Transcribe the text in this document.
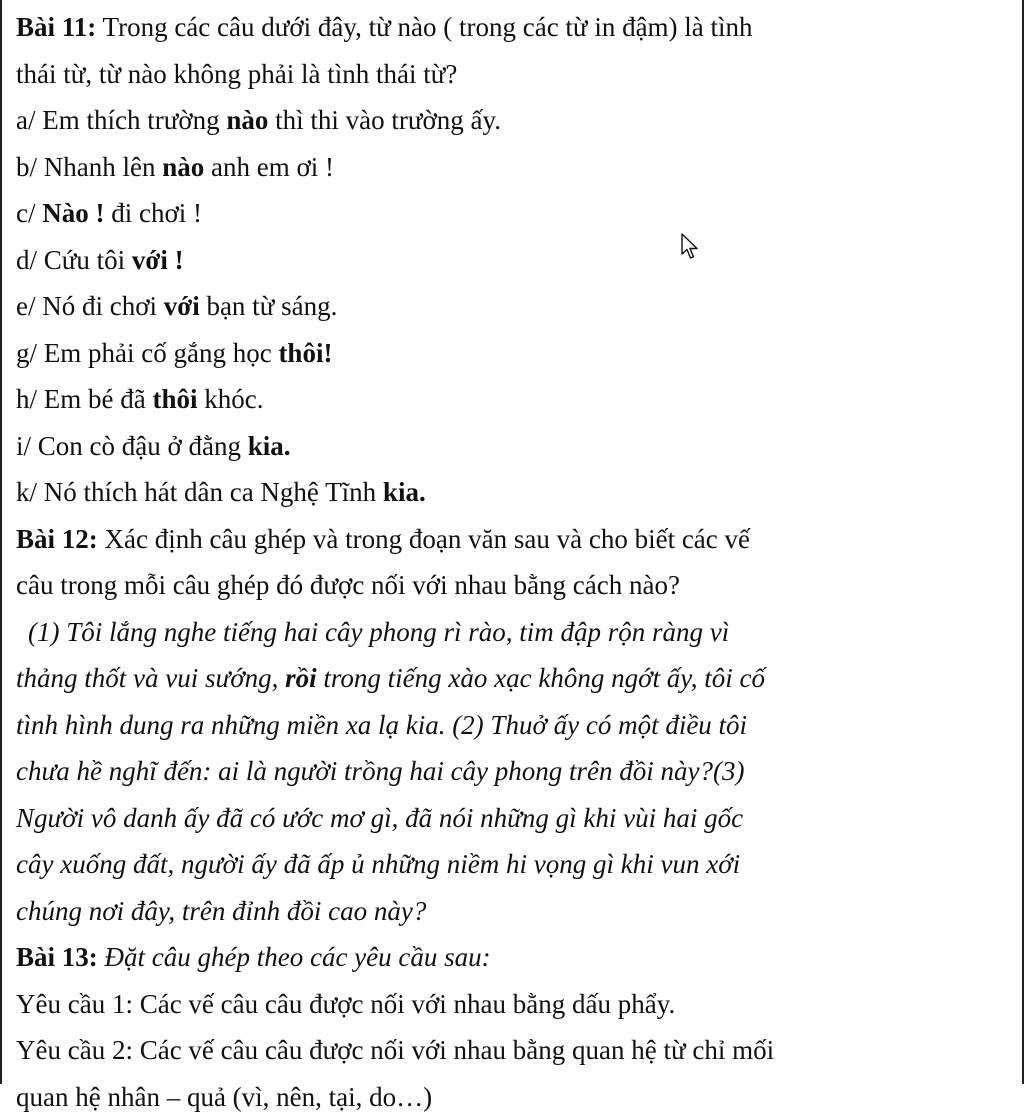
Bài 11: Trong các câu dưới đây, từ nào ( trong các từ in đậm) là tình

thái từ, từ nào không phải là tình thái từ?

a/ Em thích trường nào thì thi vào trường ấy.

b/ Nhanh lên nào anh em ơi !

c/ Nào ! đi chơi !

d/ Cứu tôi với !

e/ Nó đi chơi với bạn từ sáng.

g/ Em phải cố gắng học thôi!

h/ Em bé đã thôi khóc.

i/ Con cò đậu ở đằng kia.

k/ Nó thích hát dân ca Nghệ Tĩnh kia.

Bài 12: Xác định câu ghép và trong đoạn văn sau và cho biết các vế

câu trong mỗi câu ghép đó được nối với nhau bằng cách nào?

(1) Tôi lắng nghe tiếng hai cây phong rì rào, tim đập rộn ràng vì

thảng thốt và vui sướng, rồi trong tiếng xào xạc không ngớt ấy, tôi cố

tình hình dung ra những miền xa lạ kia. (2) Thuở ấy có một điều tôi

chưa hề nghĩ đến: ai là người trồng hai cây phong trên đồi này?(3)

Người vô danh ấy đã có ước mơ gì, đã nói những gì khi vùi hai gốc

cây xuống đất, người ấy đã ấp ủ những niềm hi vọng gì khi vun xới

chúng nơi đây, trên đỉnh đồi cao này?

Bài 13: Đặt câu ghép theo các yêu cầu sau:

Yêu cầu 1: Các vế câu câu được nối với nhau bằng dấu phẩy.

Yêu cầu 2: Các vế câu câu được nối với nhau bằng quan hệ từ chỉ mối

quan hệ nhân – quả (vì, nên, tại, do…)
